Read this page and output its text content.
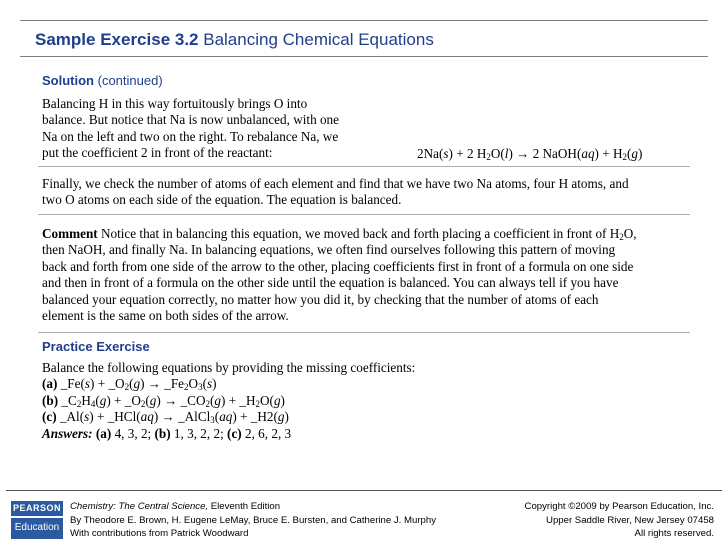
Sample Exercise 3.2 Balancing Chemical Equations
Solution (continued)
Balancing H in this way fortuitously brings O into
balance. But notice that Na is now unbalanced, with one
Na on the left and two on the right. To rebalance Na, we
put the coefficient 2 in front of the reactant:	2Na(s) + 2 $H_2O(l) \to 2$ NaOH(aq) + $H_2(g)$
Finally, we check the number of atoms of each element and find that we have two Na atoms, four H atoms, and
two O atoms on each side of the equation. The equation is balanced.
Comment Notice that in balancing this equation, we moved back and forth placing a coefficient in front of $H_2O$,
then NaOH, and finally Na. In balancing equations, we often find ourselves following this pattern of moving
back and forth from one side of the arrow to the other, placing coefficients first in front of a formula on one side
and then in front of a formula on the other side until the equation is balanced. You can always tell if you have
balanced your equation correctly, no matter how you did it, by checking that the number of atoms of each
element is the same on both sides of the arrow.
Practice Exercise
Balance the following equations by providing the missing coefficients:
(a) _Fe(s) + $\_O_2(g)$ → $\_Fe_2O_3(s)$
(b) $\_C_2H_4(g)$ + $\_O_2(g)$ → $\_CO_2(g)$ + $\_H_2O(g)$
(c) _Al(s) + _HCl(aq) → _AlCl$_3$(aq) + _H2(g)
Answers: (a) 4, 3, 2; (b) 1, 3, 2, 2; (c) 2, 6, 2, 3
PEARSON
Education
Chemistry: The Central Science, Eleventh Edition
By Theodore E. Brown, H. Eugene LeMay, Bruce E. Bursten, and Catherine J. Murphy
With contributions from Patrick Woodward
Copyright ©2009 by Pearson Education, Inc.
Upper Saddle River, New Jersey 07458
All rights reserved.
